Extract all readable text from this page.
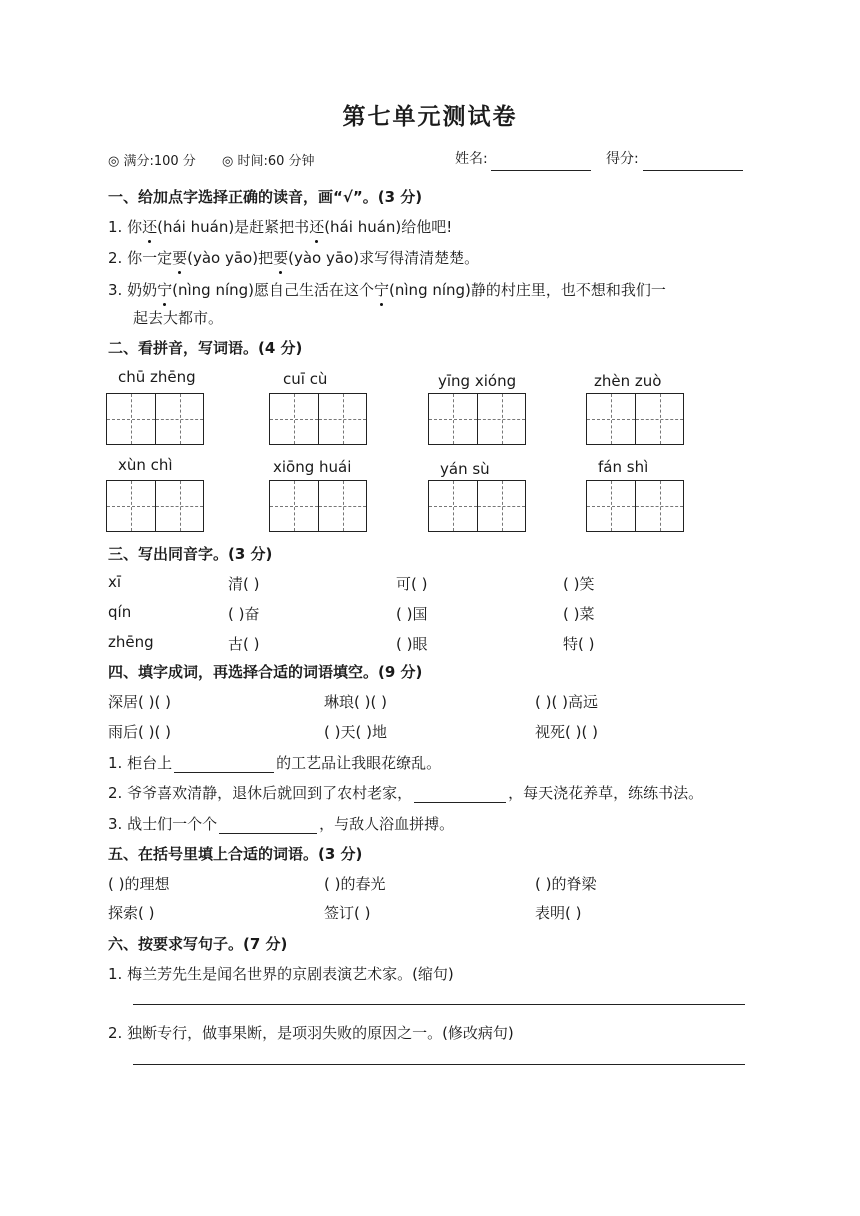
第七单元测试卷
◎ 满分:100 分 ◎ 时间:60 分钟	姓名:	得分:
一、给加点字选择正确的读音，画“√”。(3 分)
1. 你还
(hái huán)是赶紧把书还
(hái huán)给他吧!
2. 你一定要
(yào yāo)把要
(yào yāo)求写得清清楚楚。
3. 奶奶宁
(nìng níng)愿自己生活在这个宁
(nìng níng)静的村庄里，也不想和我们一
起去大都市。
二、看拼音，写词语。(4 分)
chū zhēng	cuī cù	yīng xióng	zhèn zuò
xùn chì	xiōng huái	yán sù	fán shì
三、写出同音字。(3 分)
xī	清( )	可( )	( )笑
qín	( )奋	( )国	( )菜
zhēng	古( )	( )眼	特( )
四、填字成词，再选择合适的词语填空。(9 分)
深居( )( )	琳琅( )( )	( )( )高远
雨后( )( )	( )天( )地	视死( )( )
1. 柜台上	的工艺品让我眼花缭乱。
2. 爷爷喜欢清静，退休后就回到了农村老家，	，每天浇花养草，练练书法。
3. 战士们一个个	，与敌人浴血拼搏。
五、在括号里填上合适的词语。(3 分)
( )的理想	( )的春光	( )的脊梁
探索( )	签订( )	表明( )
六、按要求写句子。(7 分)
1. 梅兰芳先生是闻名世界的京剧表演艺术家。(缩句)
2. 独断专行，做事果断，是项羽失败的原因之一。(修改病句)
